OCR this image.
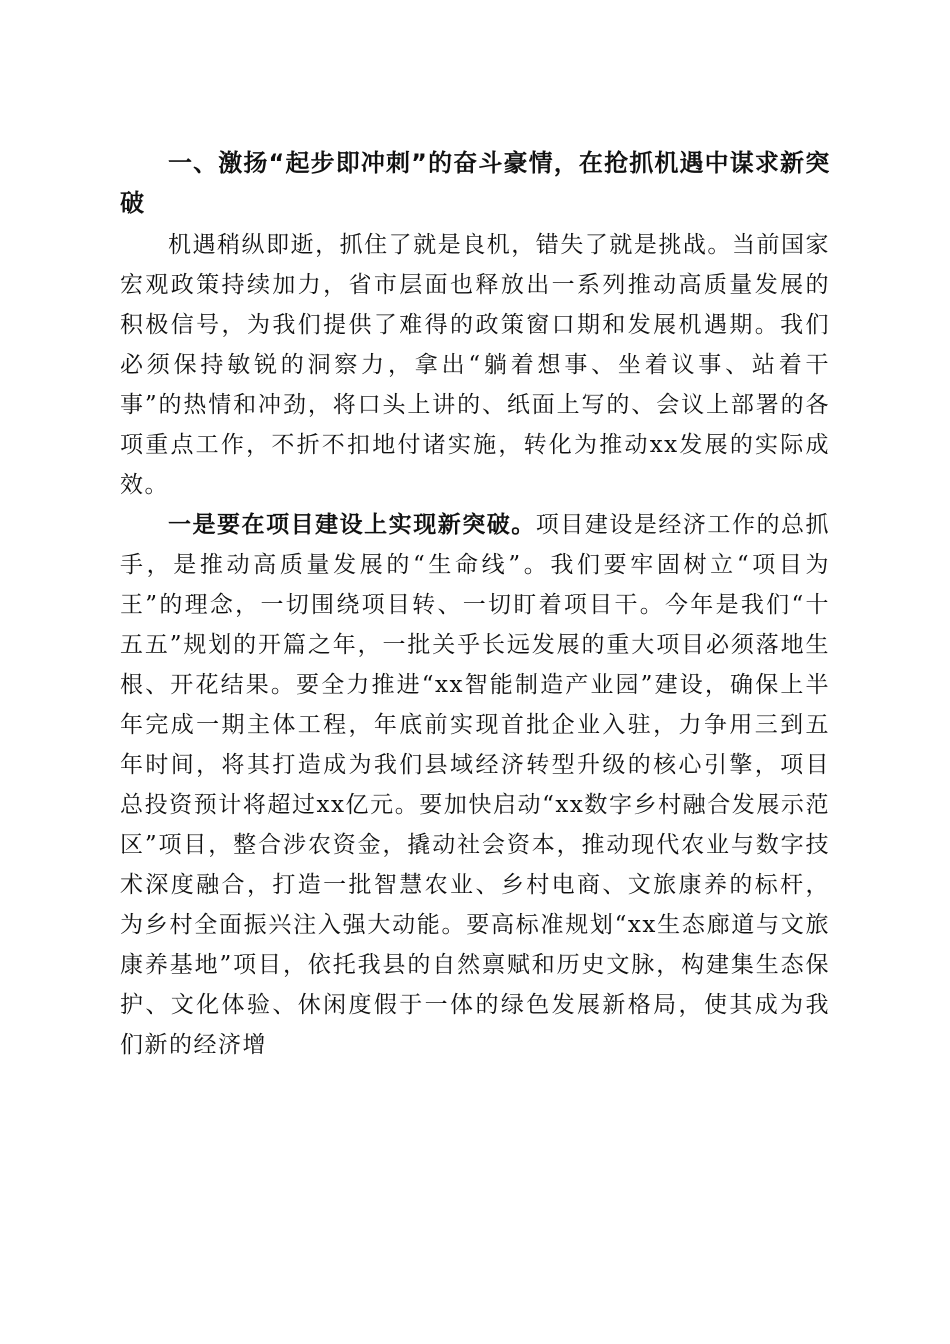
一、激扬“起步即冲刺”的奋斗豪情，在抢抓机遇中谋求新突破

机遇稍纵即逝，抓住了就是良机，错失了就是挑战。当前国家宏观政策持续加力，省市层面也释放出一系列推动高质量发展的积极信号，为我们提供了难得的政策窗口期和发展机遇期。我们必须保持敏锐的洞察力，拿出“躺着想事、坐着议事、站着干事”的热情和冲劲，将口头上讲的、纸面上写的、会议上部署的各项重点工作，不折不扣地付诸实施，转化为推动xx发展的实际成效。

一是要在项目建设上实现新突破。项目建设是经济工作的总抓手，是推动高质量发展的“生命线”。我们要牢固树立“项目为王”的理念，一切围绕项目转、一切盯着项目干。今年是我们“十五五”规划的开篇之年，一批关乎长远发展的重大项目必须落地生根、开花结果。要全力推进“xx智能制造产业园”建设，确保上半年完成一期主体工程，年底前实现首批企业入驻，力争用三到五年时间，将其打造成为我们县域经济转型升级的核心引擎，项目总投资预计将超过xx亿元。要加快启动“xx数字乡村融合发展示范区”项目，整合涉农资金，撬动社会资本，推动现代农业与数字技术深度融合，打造一批智慧农业、乡村电商、文旅康养的标杆，为乡村全面振兴注入强大动能。要高标准规划“xx生态廊道与文旅康养基地”项目，依托我县的自然禀赋和历史文脉，构建集生态保护、文化体验、休闲度假于一体的绿色发展新格局，使其成为我们新的经济增
